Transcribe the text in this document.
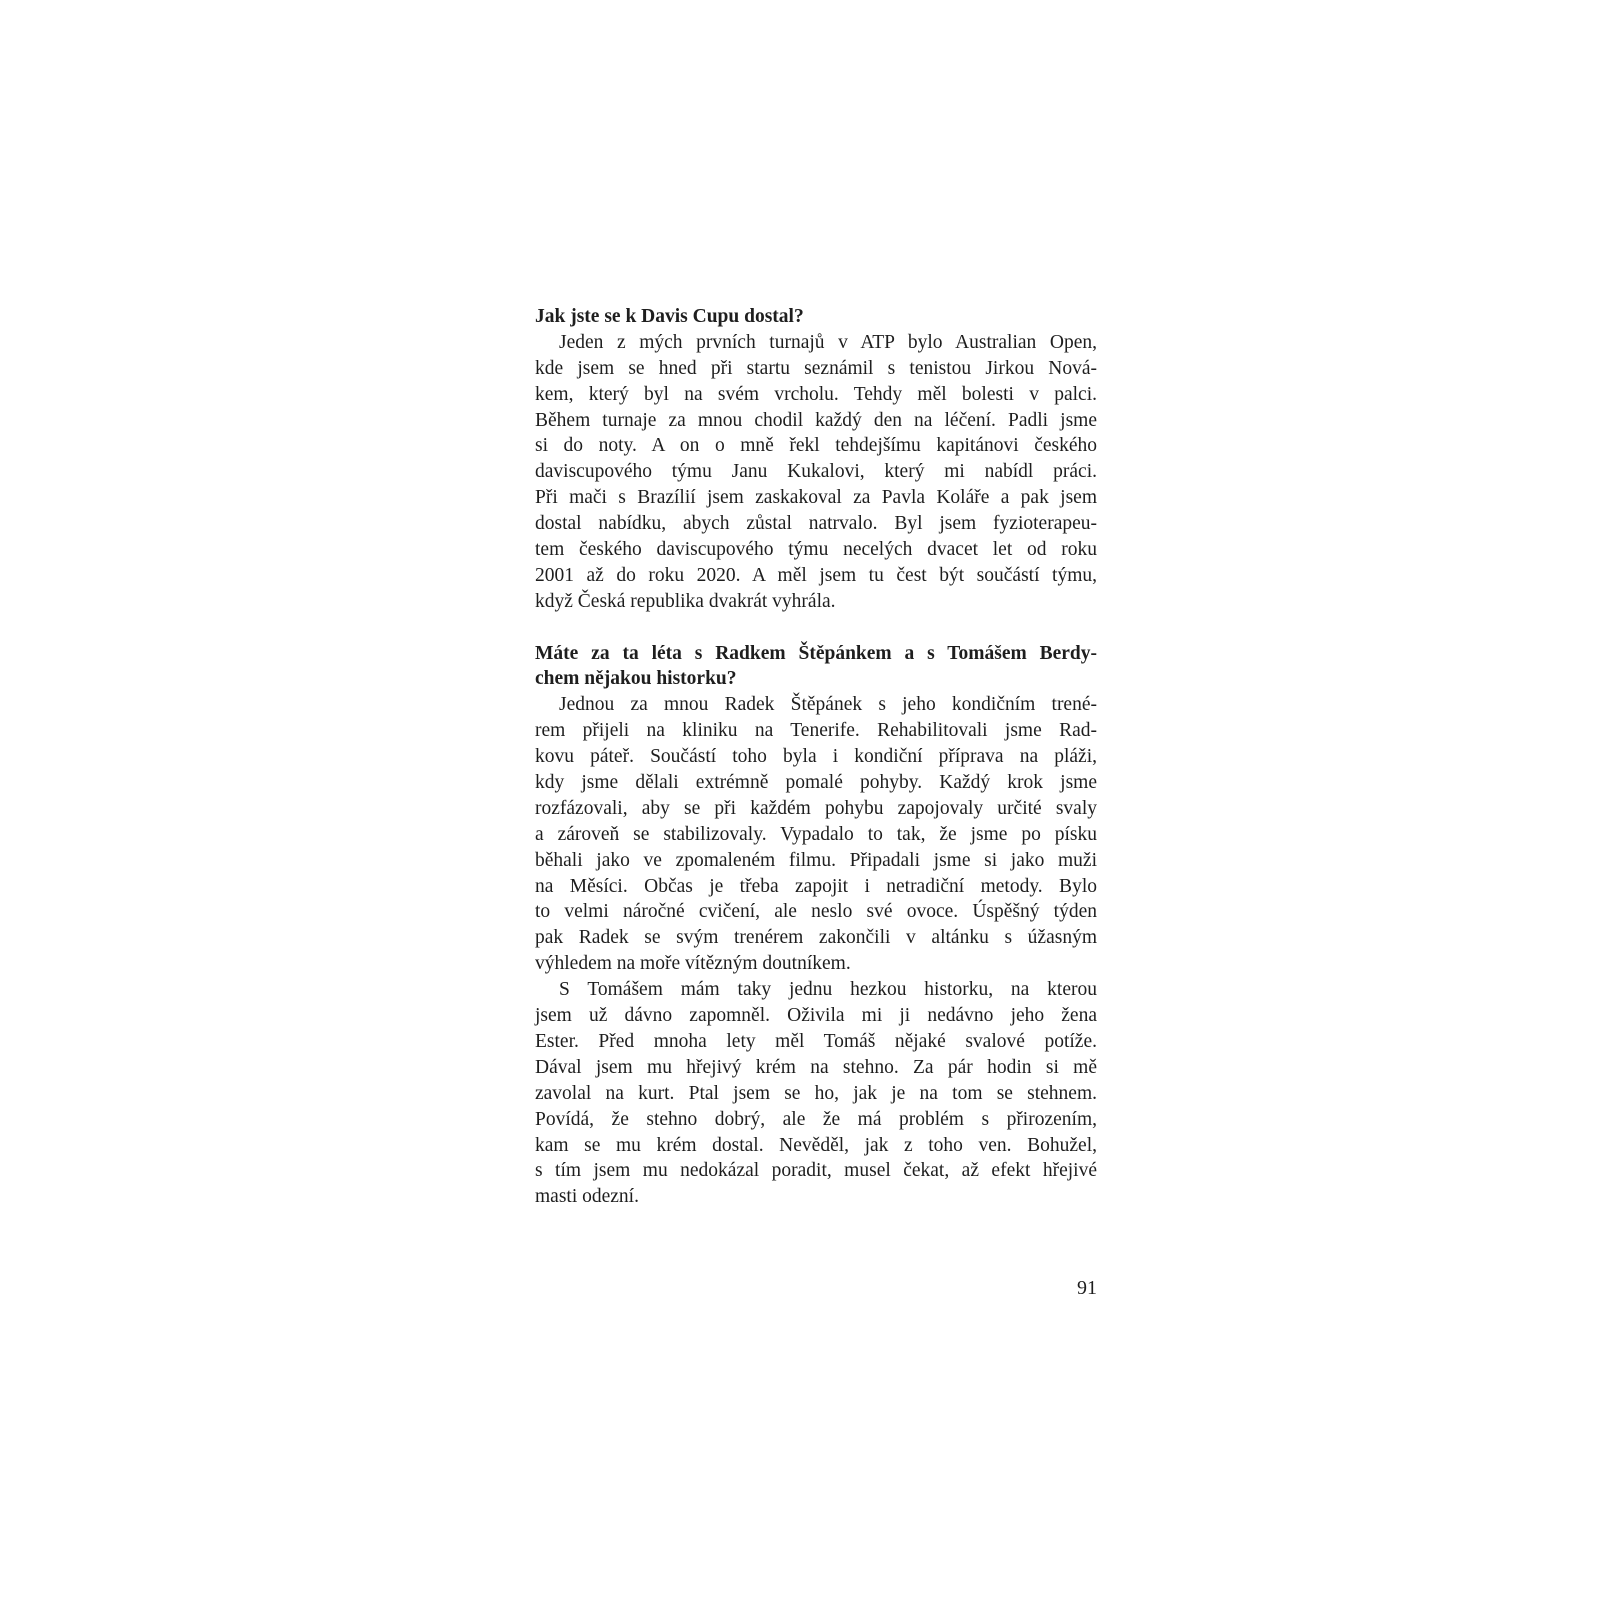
Jak jste se k Davis Cupu dostal?
Jeden z mých prvních turnajů v ATP bylo Australian Open,
kde jsem se hned při startu seznámil s tenistou Jirkou Nová-
kem, který byl na svém vrcholu. Tehdy měl bolesti v palci.
Během turnaje za mnou chodil každý den na léčení. Padli jsme
si do noty. A on o mně řekl tehdejšímu kapitánovi českého
daviscupového týmu Janu Kukalovi, který mi nabídl práci.
Při mači s Brazílií jsem zaskakoval za Pavla Koláře a pak jsem
dostal nabídku, abych zůstal natrvalo. Byl jsem fyzioterapeu-
tem českého daviscupového týmu necelých dvacet let od roku
2001 až do roku 2020. A měl jsem tu čest být součástí týmu,
když Česká republika dvakrát vyhrála.
Máte za ta léta s Radkem Štěpánkem a s Tomášem Berdy-
chem nějakou historku?
Jednou za mnou Radek Štěpánek s jeho kondičním trené-
rem přijeli na kliniku na Tenerife. Rehabilitovali jsme Rad-
kovu páteř. Součástí toho byla i kondiční příprava na pláži,
kdy jsme dělali extrémně pomalé pohyby. Každý krok jsme
rozfázovali, aby se při každém pohybu zapojovaly určité svaly
a zároveň se stabilizovaly. Vypadalo to tak, že jsme po písku
běhali jako ve zpomaleném filmu. Připadali jsme si jako muži
na Měsíci. Občas je třeba zapojit i netradiční metody. Bylo
to velmi náročné cvičení, ale neslo své ovoce. Úspěšný týden
pak Radek se svým trenérem zakončili v altánku s úžasným
výhledem na moře vítězným doutníkem.
S Tomášem mám taky jednu hezkou historku, na kterou
jsem už dávno zapomněl. Oživila mi ji nedávno jeho žena
Ester. Před mnoha lety měl Tomáš nějaké svalové potíže.
Dával jsem mu hřejivý krém na stehno. Za pár hodin si mě
zavolal na kurt. Ptal jsem se ho, jak je na tom se stehnem.
Povídá, že stehno dobrý, ale že má problém s přirozením,
kam se mu krém dostal. Nevěděl, jak z toho ven. Bohužel,
s tím jsem mu nedokázal poradit, musel čekat, až efekt hřejivé
masti odezní.
91
